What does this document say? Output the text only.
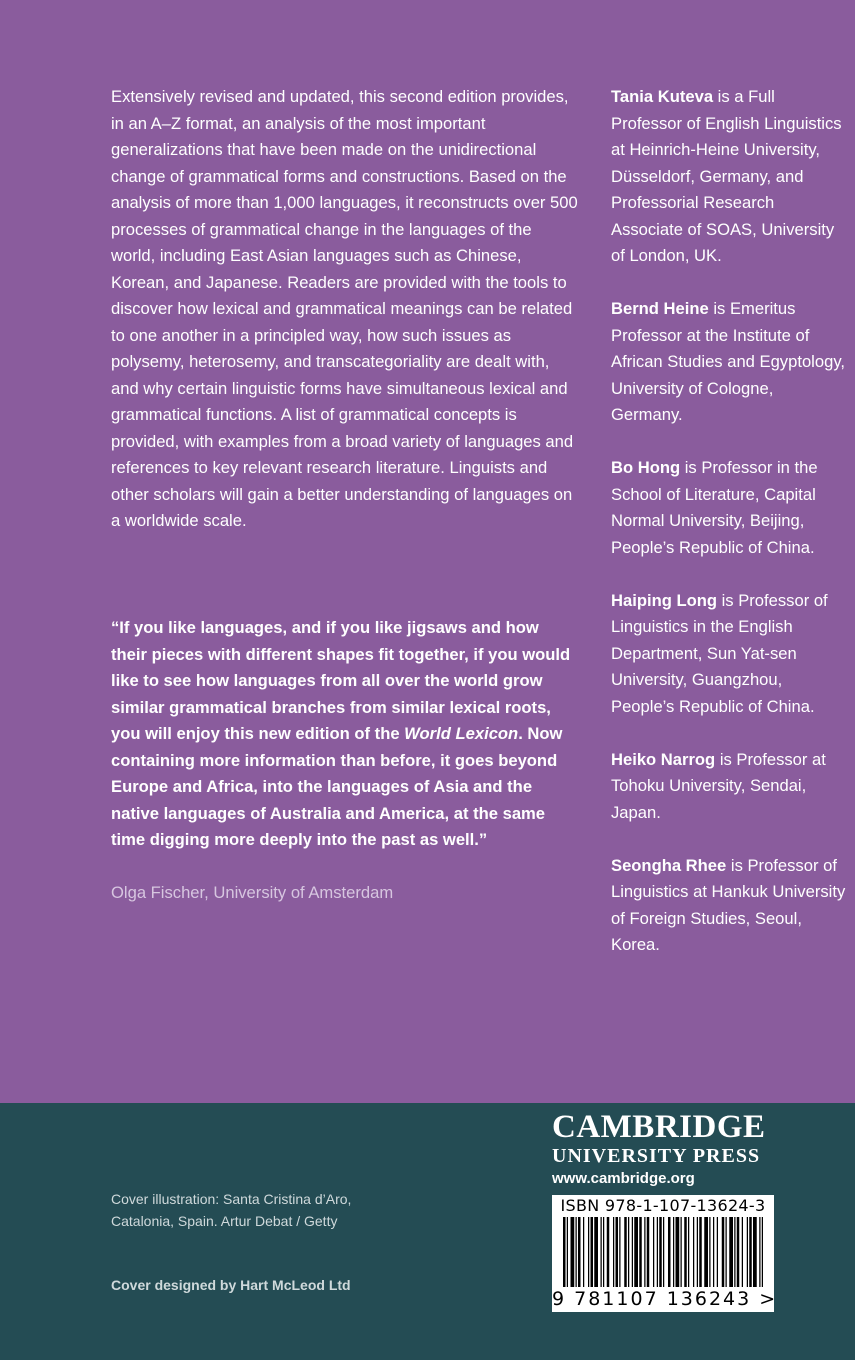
Extensively revised and updated, this second edition provides, in an A–Z format, an analysis of the most important generalizations that have been made on the unidirectional change of grammatical forms and constructions. Based on the analysis of more than 1,000 languages, it reconstructs over 500 processes of grammatical change in the languages of the world, including East Asian languages such as Chinese, Korean, and Japanese. Readers are provided with the tools to discover how lexical and grammatical meanings can be related to one another in a principled way, how such issues as polysemy, heterosemy, and transcategoriality are dealt with, and why certain linguistic forms have simultaneous lexical and grammatical functions. A list of grammatical concepts is provided, with examples from a broad variety of languages and references to key relevant research literature. Linguists and other scholars will gain a better understanding of languages on a worldwide scale.

“If you like languages, and if you like jigsaws and how their pieces with different shapes fit together, if you would like to see how languages from all over the world grow similar grammatical branches from similar lexical roots, you will enjoy this new edition of the World Lexicon. Now containing more information than before, it goes beyond Europe and Africa, into the languages of Asia and the native languages of Australia and America, at the same time digging more deeply into the past as well.”

Olga Fischer, University of Amsterdam

Tania Kuteva is a Full Professor of English Linguistics at Heinrich-Heine University, Düsseldorf, Germany, and Professorial Research Associate of SOAS, University of London, UK.

Bernd Heine is Emeritus Professor at the Institute of African Studies and Egyptology, University of Cologne, Germany.

Bo Hong is Professor in the School of Literature, Capital Normal University, Beijing, People’s Republic of China.

Haiping Long is Professor of Linguistics in the English Department, Sun Yat-sen University, Guangzhou, People’s Republic of China.

Heiko Narrog is Professor at Tohoku University, Sendai, Japan.

Seongha Rhee is Professor of Linguistics at Hankuk University of Foreign Studies, Seoul, Korea.

Cover illustration: Santa Cristina d’Aro, Catalonia, Spain. Artur Debat / Getty

Cover designed by Hart McLeod Ltd

CAMBRIDGE
UNIVERSITY PRESS
www.cambridge.org
ISBN 978-1-107-13624-3
9 781107 136243 >
